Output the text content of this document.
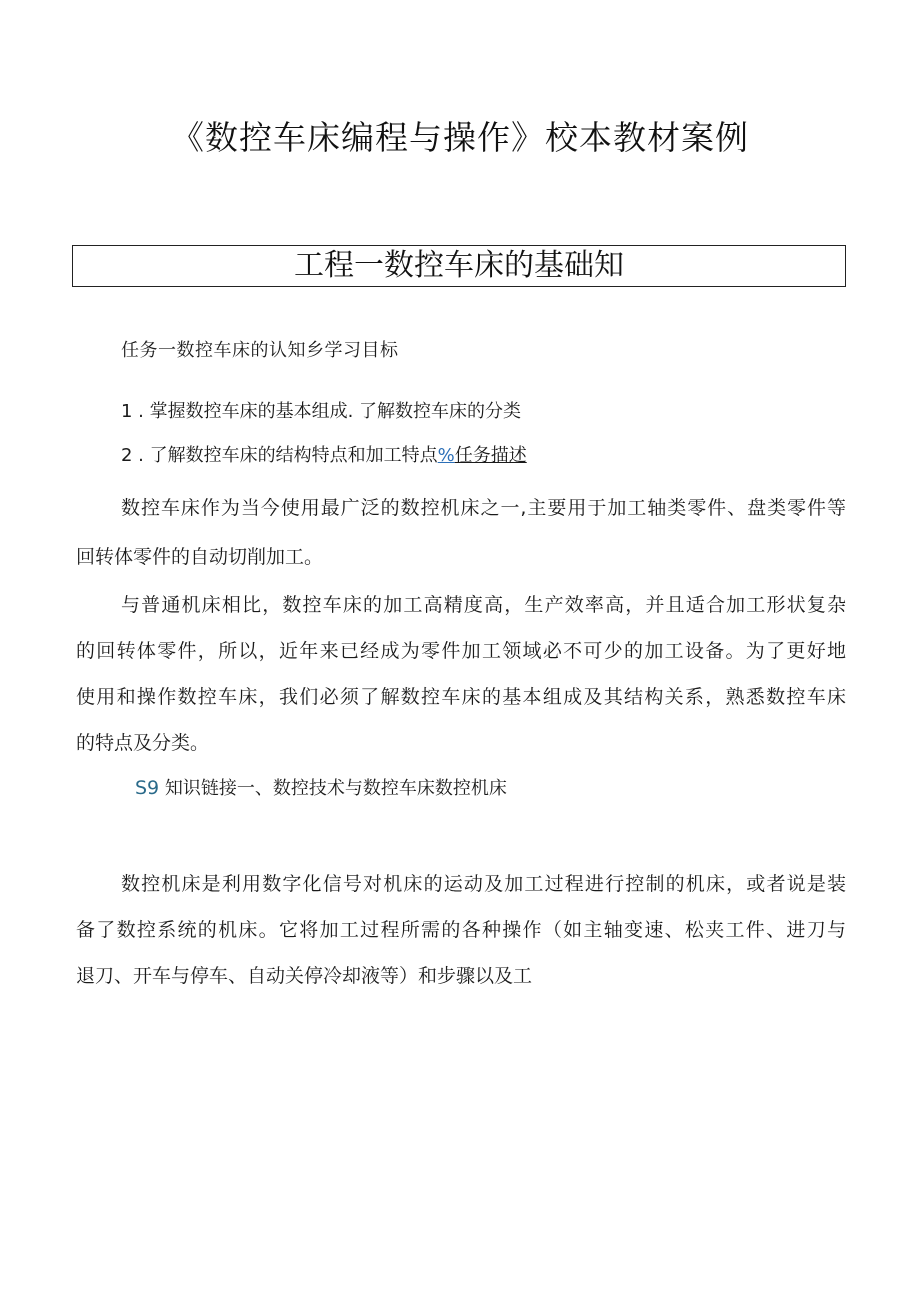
《数控车床编程与操作》校本教材案例
工程一数控车床的基础知
任务一数控车床的认知乡学习目标
1 . 掌握数控车床的基本组成. 了解数控车床的分类
2 . 了解数控车床的结构特点和加工特点%任务描述
数控车床作为当今使用最广泛的数控机床之一,主要用于加工轴类零件、盘类零件等
回转体零件的自动切削加工。
与普通机床相比，数控车床的加工高精度高，生产效率高，并且适合加工形状复杂
的回转体零件，所以，近年来已经成为零件加工领域必不可少的加工设备。为了更好地
使用和操作数控车床，我们必须了解数控车床的基本组成及其结构关系，熟悉数控车床
的特点及分类。
S9 知识链接一、数控技术与数控车床数控机床
数控机床是利用数字化信号对机床的运动及加工过程进行控制的机床，或者说是装
备了数控系统的机床。它将加工过程所需的各种操作（如主轴变速、松夹工件、进刀与
退刀、开车与停车、自动关停冷却液等）和步骤以及工
